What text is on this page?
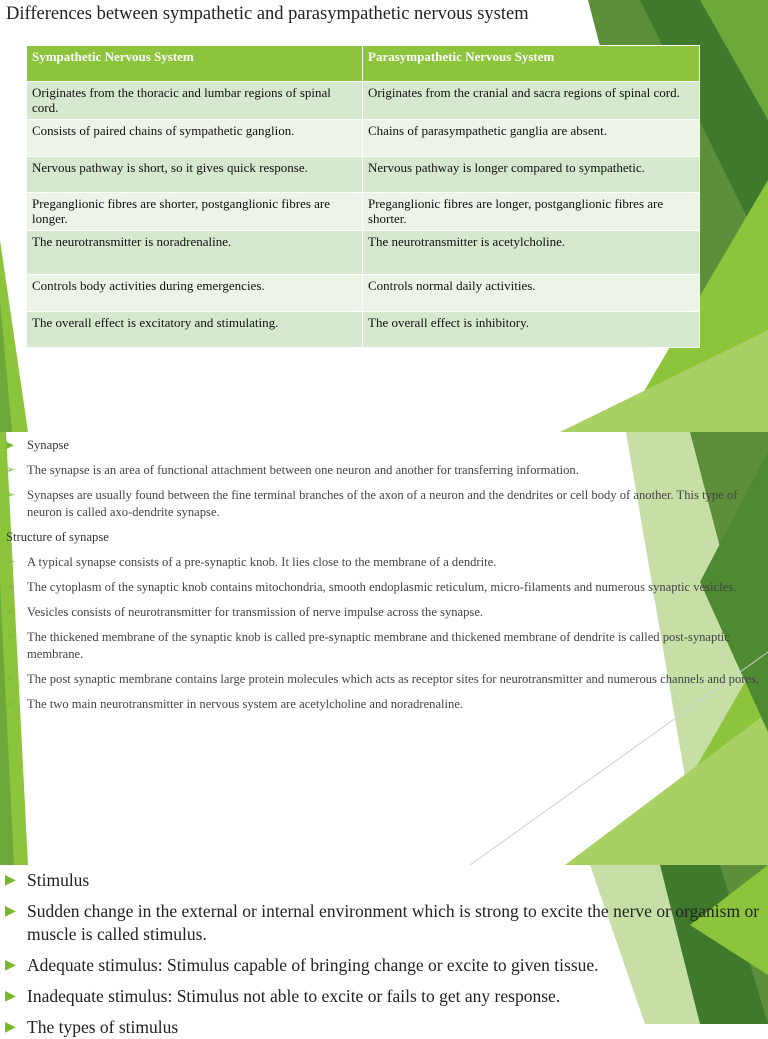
Differences between sympathetic and parasympathetic nervous system
Sympathetic Nervous System	Parasympathetic Nervous System
Originates from the thoracic and lumbar regions of spinal cord.	Originates from the cranial and sacra regions of spinal cord.
Consists of paired chains of sympathetic ganglion.	Chains of parasympathetic ganglia are absent.
Nervous pathway is short, so it gives quick response.	Nervous pathway is longer compared to sympathetic.
Preganglionic fibres are shorter, postganglionic fibres are longer.	Preganglionic fibres are longer, postganglionic fibres are shorter.
The neurotransmitter is noradrenaline.	The neurotransmitter is acetylcholine.
Controls body activities during emergencies.	Controls normal daily activities.
The overall effect is excitatory and stimulating.	The overall effect is inhibitory.
▶ Synapse
➢ The synapse is an area of functional attachment between one neuron and another for transferring information.
➢ Synapses are usually found between the fine terminal branches of the axon of a neuron and the dendrites or cell body of another. This type of neuron is called axo-dendrite synapse.
Structure of synapse
➢ A typical synapse consists of a pre-synaptic knob. It lies close to the membrane of a dendrite.
➢ The cytoplasm of the synaptic knob contains mitochondria, smooth endoplasmic reticulum, micro-filaments and numerous synaptic vesicles.
➢ Vesicles consists of neurotransmitter for transmission of nerve impulse across the synapse.
➢ The thickened membrane of the synaptic knob is called pre-synaptic membrane and thickened membrane of dendrite is called post-synaptic membrane.
➢ The post synaptic membrane contains large protein molecules which acts as receptor sites for neurotransmitter and numerous channels and pores.
➢ The two main neurotransmitter in nervous system are acetylcholine and noradrenaline.
▶ Stimulus
▶ Sudden change in the external or internal environment which is strong to excite the nerve or organism or muscle is called stimulus.
▶ Adequate stimulus: Stimulus capable of bringing change or excite to given tissue.
▶ Inadequate stimulus: Stimulus not able to excite or fails to get any response.
▶ The types of stimulus
